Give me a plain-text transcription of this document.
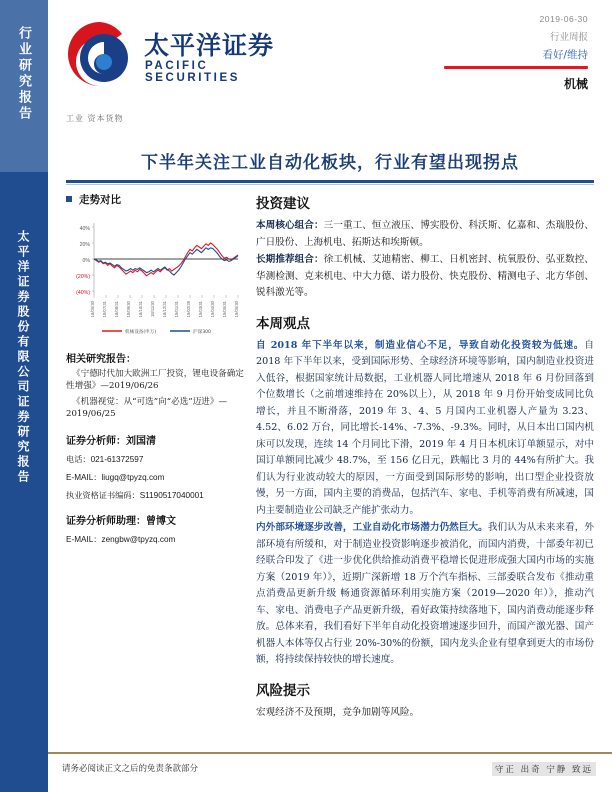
行业研究报告
太平洋证券股份有限公司证券研究报告
太平洋证券
PACIFIC SECURITIES
2019-06-30
行业周报
看好/维持
机械
工业 资本货物
下半年关注工业自动化板块，行业有望出现拐点
走势对比
40%
20%
0%
(20%)
(40%)
18/06/30 18/07/31 18/08/31 18/09/30 18/10/31 18/11/30 18/12/31 19/01/31 19/02/28 19/03/31 19/04/30 19/05/31 19/06/30
机械设备(申万)	沪深300
相关研究报告：
《宁德时代加大欧洲工厂投资，锂电设备确定性增强》—2019/06/26
《机器视觉：从“可选”向“必选”迈进》—2019/06/25
证券分析师：刘国清
电话：021-61372597
E-MAIL：liugq@tpyzq.com
执业资格证书编码：S1190517040001
证券分析师助理：曾博文
E-MAIL：zengbw@tpyzq.com
投资建议

本周核心组合：三一重工、恒立液压、博实股份、科沃斯、亿嘉和、杰瑞股份、广日股份、上海机电、拓斯达和埃斯顿。

长期推荐组合：徐工机械、艾迪精密、柳工、日机密封、杭氧股份、弘亚数控、华测检测、克来机电、中大力德、诺力股份、快克股份、精测电子、北方华创、锐科激光等。

本周观点

自 2018 年下半年以来，制造业信心不足，导致自动化投资较为低速。自 2018 年下半年以来，受到国际形势、全球经济环境等影响，国内制造业投资进入低谷，根据国家统计局数据，工业机器人同比增速从 2018 年 6 月份回落到个位数增长（之前增速维持在 20%以上），从 2018 年 9 月份开始变成同比负增长，并且不断滑落，2019 年 3、4、5 月国内工业机器人产量为 3.23、4.52、6.02 万台，同比增长-14%、-7.3%、-9.3%。同时，从日本出口国内机床可以发现，连续 14 个月同比下滑，2019 年 4 月日本机床订单额显示，对中国订单额同比减少 48.7%，至 156 亿日元，跌幅比 3 月的 44%有所扩大。我们认为行业波动较大的原因，一方面受到国际形势的影响，出口型企业投资放慢，另一方面，国内主要的消费品，包括汽车、家电、手机等消费有所减速，国内主要制造业公司缺乏产能扩张动力。

内外部环境逐步改善，工业自动化市场潜力仍然巨大。我们认为从未来来看，外部环境有所缓和，对于制造业投资影响逐步被消化，而国内消费，十部委年初已经联合印发了《进一步优化供给推动消费平稳增长促进形成强大国内市场的实施方案（2019 年）》，近期广深新增 18 万个汽车指标、三部委联合发布《推动重点消费品更新升级 畅通资源循环利用实施方案（2019—2020 年）》，推动汽车、家电、消费电子产品更新升级，看好政策持续落地下，国内消费动能逐步释放。总体来看，我们看好下半年自动化投资增速逐步回升，而国产激光器、国产机器人本体等仅占行业 20%-30%的份额，国内龙头企业有望拿到更大的市场份额，将持续保持较快的增长速度。

风险提示

宏观经济不及预期，竞争加剧等风险。

请务必阅读正文之后的免责条款部分	守正 出奇 宁静 致远
